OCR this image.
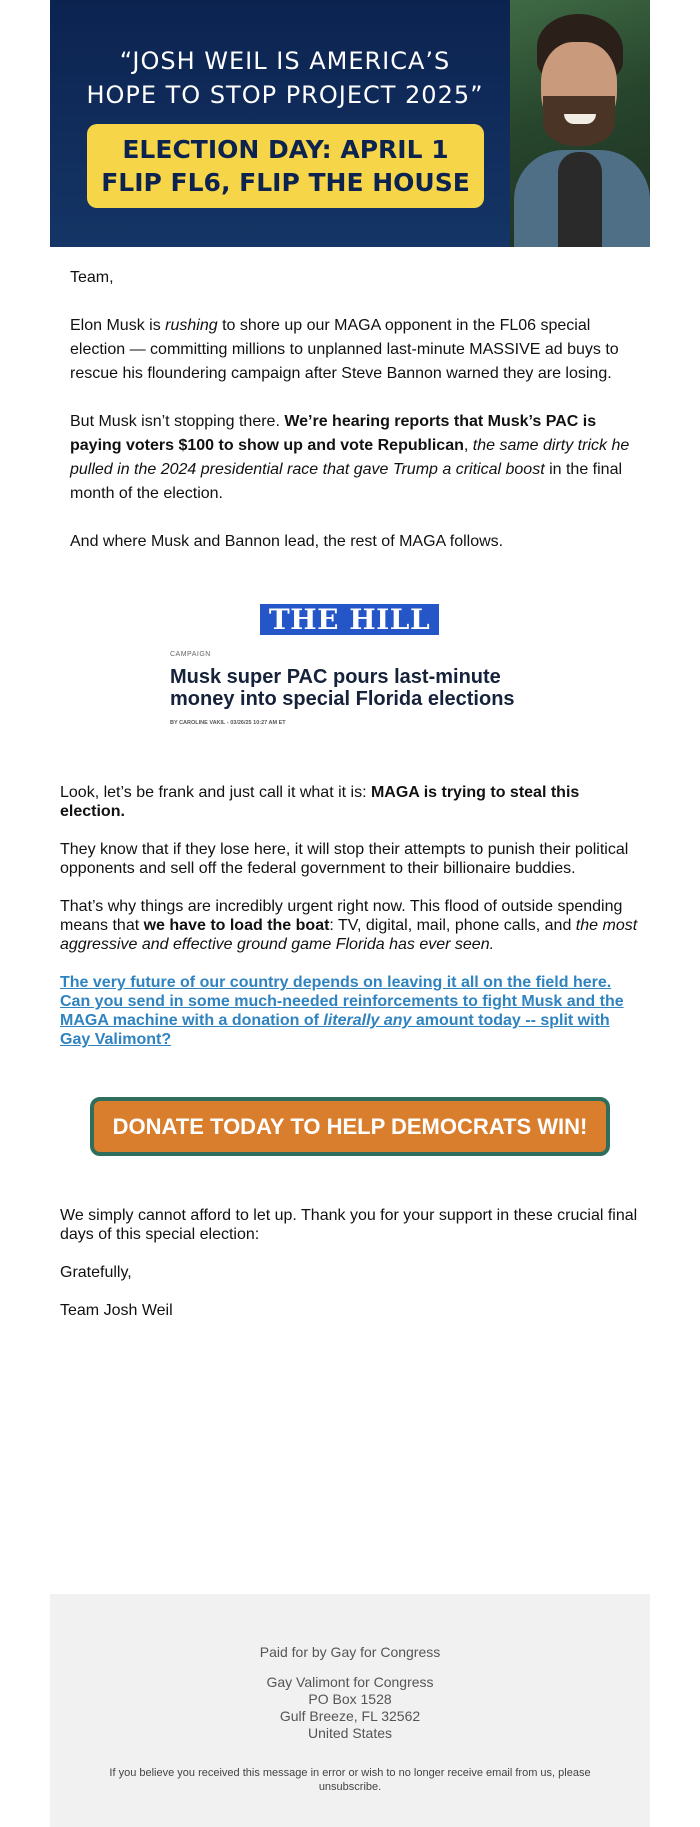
“JOSH WEIL IS AMERICA’S
HOPE TO STOP PROJECT 2025”
ELECTION DAY: APRIL 1
FLIP FL6, FLIP THE HOUSE

Team,

Elon Musk is rushing to shore up our MAGA opponent in the FL06 special election — committing millions to unplanned last-minute MASSIVE ad buys to rescue his floundering campaign after Steve Bannon warned they are losing.

But Musk isn’t stopping there. We’re hearing reports that Musk’s PAC is paying voters $100 to show up and vote Republican, the same dirty trick he pulled in the 2024 presidential race that gave Trump a critical boost in the final month of the election.

And where Musk and Bannon lead, the rest of MAGA follows.

THE HILL
CAMPAIGN
Musk super PAC pours last-minute
money into special Florida elections
BY CAROLINE VAKIL - 03/26/25 10:27 AM ET

Look, let’s be frank and just call it what it is: MAGA is trying to steal this election.

They know that if they lose here, it will stop their attempts to punish their political opponents and sell off the federal government to their billionaire buddies.

That’s why things are incredibly urgent right now. This flood of outside spending means that we have to load the boat: TV, digital, mail, phone calls, and the most aggressive and effective ground game Florida has ever seen.

The very future of our country depends on leaving it all on the field here. Can you send in some much-needed reinforcements to fight Musk and the MAGA machine with a donation of literally any amount today -- split with Gay Valimont?

DONATE TODAY TO HELP DEMOCRATS WIN!

We simply cannot afford to let up. Thank you for your support in these crucial final days of this special election:

Gratefully,

Team Josh Weil

Paid for by Gay for Congress
Gay Valimont for Congress
PO Box 1528
Gulf Breeze, FL 32562
United States
If you believe you received this message in error or wish to no longer receive email from us, please unsubscribe.
